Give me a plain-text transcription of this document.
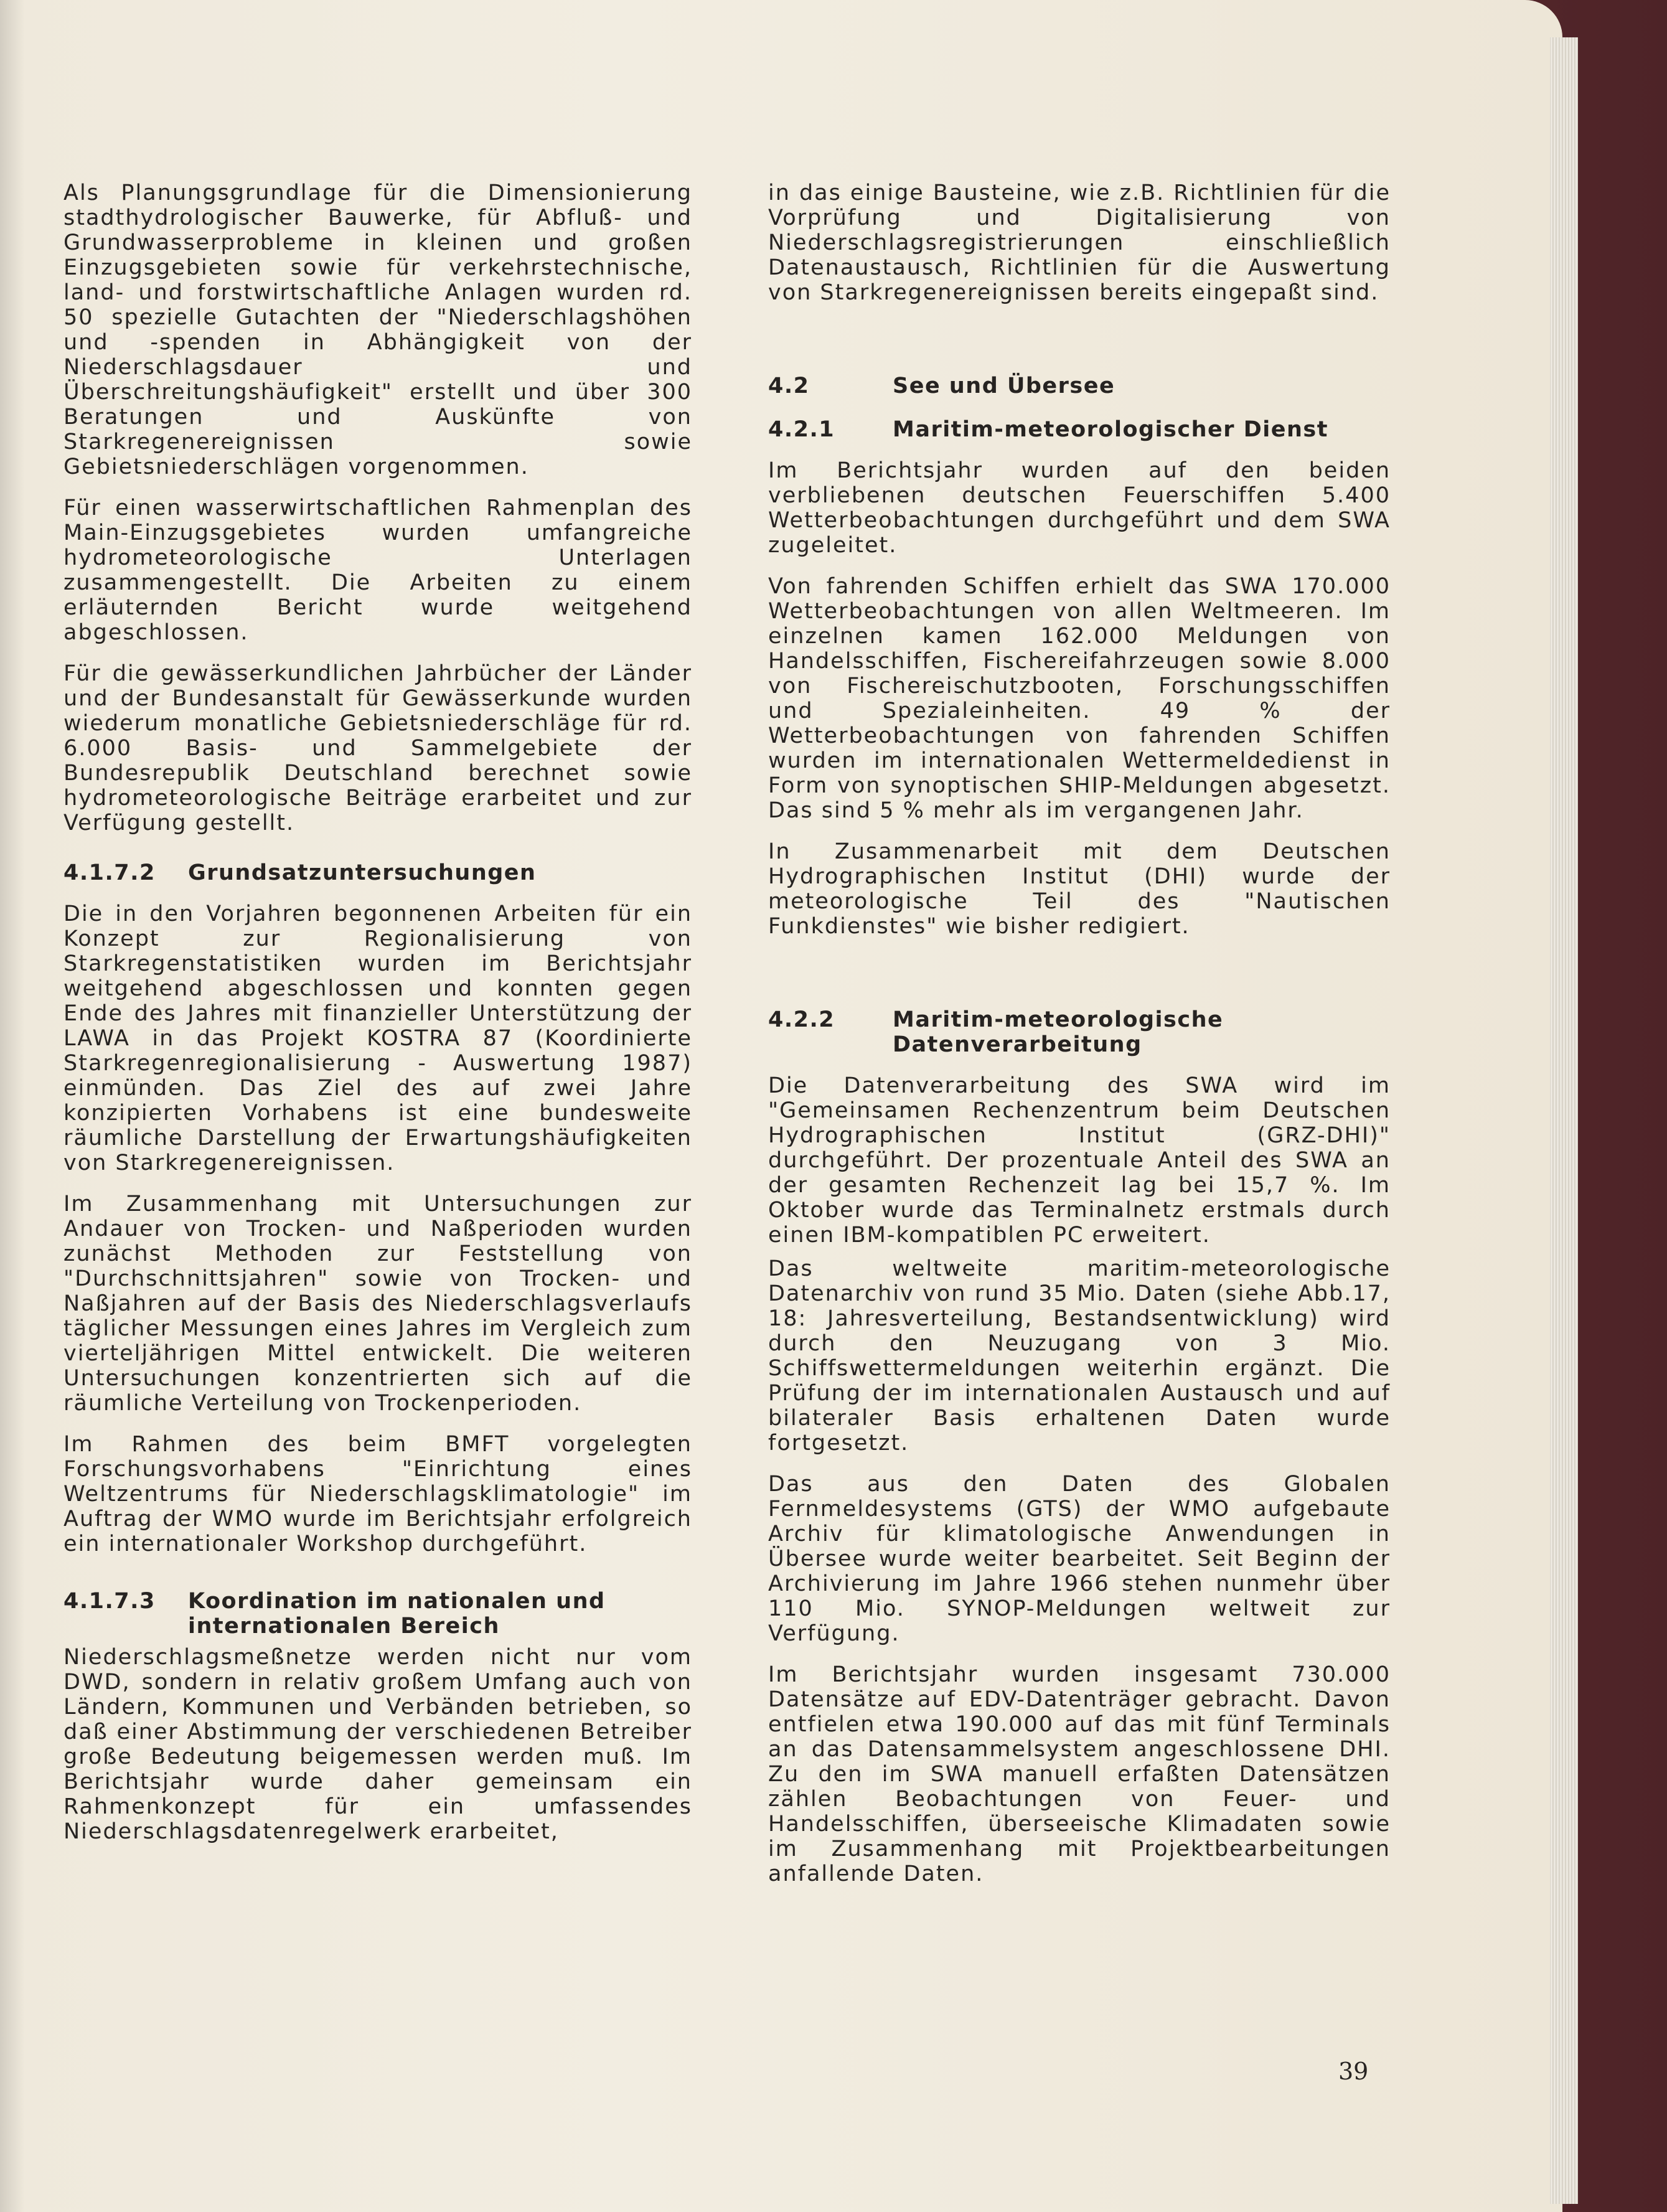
Als Planungsgrundlage für die Dimensionierung stadthydrologischer Bauwerke, für Abfluß- und Grundwasserprobleme in kleinen und großen Einzugsgebieten sowie für verkehrstechnische, land- und forstwirtschaftliche Anlagen wurden rd. 50 spezielle Gutachten der "Niederschlagshöhen und -spenden in Abhängigkeit von der Niederschlagsdauer und Überschreitungshäufigkeit" erstellt und über 300 Beratungen und Auskünfte von Starkregenereignissen sowie Gebietsniederschlägen vorgenommen.

Für einen wasserwirtschaftlichen Rahmenplan des Main-Einzugsgebietes wurden umfangreiche hydrometeorologische Unterlagen zusammengestellt. Die Arbeiten zu einem erläuternden Bericht wurde weitgehend abgeschlossen.

Für die gewässerkundlichen Jahrbücher der Länder und der Bundesanstalt für Gewässerkunde wurden wiederum monatliche Gebietsniederschläge für rd. 6.000 Basis- und Sammelgebiete der Bundesrepublik Deutschland berechnet sowie hydrometeorologische Beiträge erarbeitet und zur Verfügung gestellt.

4.1.7.2	Grundsatzuntersuchungen

Die in den Vorjahren begonnenen Arbeiten für ein Konzept zur Regionalisierung von Starkregenstatistiken wurden im Berichtsjahr weitgehend abgeschlossen und konnten gegen Ende des Jahres mit finanzieller Unterstützung der LAWA in das Projekt KOSTRA 87 (Koordinierte Starkregenregionalisierung - Auswertung 1987) einmünden. Das Ziel des auf zwei Jahre konzipierten Vorhabens ist eine bundesweite räumliche Darstellung der Erwartungshäufigkeiten von Starkregenereignissen.

Im Zusammenhang mit Untersuchungen zur Andauer von Trocken- und Naßperioden wurden zunächst Methoden zur Feststellung von "Durchschnittsjahren" sowie von Trocken- und Naßjahren auf der Basis des Niederschlagsverlaufs täglicher Messungen eines Jahres im Vergleich zum vierteljährigen Mittel entwickelt. Die weiteren Untersuchungen konzentrierten sich auf die räumliche Verteilung von Trockenperioden.

Im Rahmen des beim BMFT vorgelegten Forschungsvorhabens "Einrichtung eines Weltzentrums für Niederschlagsklimatologie" im Auftrag der WMO wurde im Berichtsjahr erfolgreich ein internationaler Workshop durchgeführt.

4.1.7.3	Koordination im nationalen und internationalen Bereich

Niederschlagsmeßnetze werden nicht nur vom DWD, sondern in relativ großem Umfang auch von Ländern, Kommunen und Verbänden betrieben, so daß einer Abstimmung der verschiedenen Betreiber große Bedeutung beigemessen werden muß. Im Berichtsjahr wurde daher gemeinsam ein Rahmenkonzept für ein umfassendes Niederschlagsdatenregelwerk erarbeitet,

in das einige Bausteine, wie z.B. Richtlinien für die Vorprüfung und Digitalisierung von Niederschlagsregistrierungen einschließlich Datenaustausch, Richtlinien für die Auswertung von Starkregenereignissen bereits eingepaßt sind.

4.2	See und Übersee
4.2.1	Maritim-meteorologischer Dienst

Im Berichtsjahr wurden auf den beiden verbliebenen deutschen Feuerschiffen 5.400 Wetterbeobachtungen durchgeführt und dem SWA zugeleitet.

Von fahrenden Schiffen erhielt das SWA 170.000 Wetterbeobachtungen von allen Weltmeeren. Im einzelnen kamen 162.000 Meldungen von Handelsschiffen, Fischereifahrzeugen sowie 8.000 von Fischereischutzbooten, Forschungsschiffen und Spezialeinheiten. 49 % der Wetterbeobachtungen von fahrenden Schiffen wurden im internationalen Wettermeldedienst in Form von synoptischen SHIP-Meldungen abgesetzt. Das sind 5 % mehr als im vergangenen Jahr.

In Zusammenarbeit mit dem Deutschen Hydrographischen Institut (DHI) wurde der meteorologische Teil des "Nautischen Funkdienstes" wie bisher redigiert.

4.2.2	Maritim-meteorologische Datenverarbeitung

Die Datenverarbeitung des SWA wird im "Gemeinsamen Rechenzentrum beim Deutschen Hydrographischen Institut (GRZ-DHI)" durchgeführt. Der prozentuale Anteil des SWA an der gesamten Rechenzeit lag bei 15,7 %. Im Oktober wurde das Terminalnetz erstmals durch einen IBM-kompatiblen PC erweitert.

Das weltweite maritim-meteorologische Datenarchiv von rund 35 Mio. Daten (siehe Abb.17, 18: Jahresverteilung, Bestandsentwicklung) wird durch den Neuzugang von 3 Mio. Schiffswettermeldungen weiterhin ergänzt. Die Prüfung der im internationalen Austausch und auf bilateraler Basis erhaltenen Daten wurde fortgesetzt.

Das aus den Daten des Globalen Fernmeldesystems (GTS) der WMO aufgebaute Archiv für klimatologische Anwendungen in Übersee wurde weiter bearbeitet. Seit Beginn der Archivierung im Jahre 1966 stehen nunmehr über 110 Mio. SYNOP-Meldungen weltweit zur Verfügung.

Im Berichtsjahr wurden insgesamt 730.000 Datensätze auf EDV-Datenträger gebracht. Davon entfielen etwa 190.000 auf das mit fünf Terminals an das Datensammelsystem angeschlossene DHI. Zu den im SWA manuell erfaßten Datensätzen zählen Beobachtungen von Feuer- und Handelsschiffen, überseeische Klimadaten sowie im Zusammenhang mit Projektbearbeitungen anfallende Daten.

39
